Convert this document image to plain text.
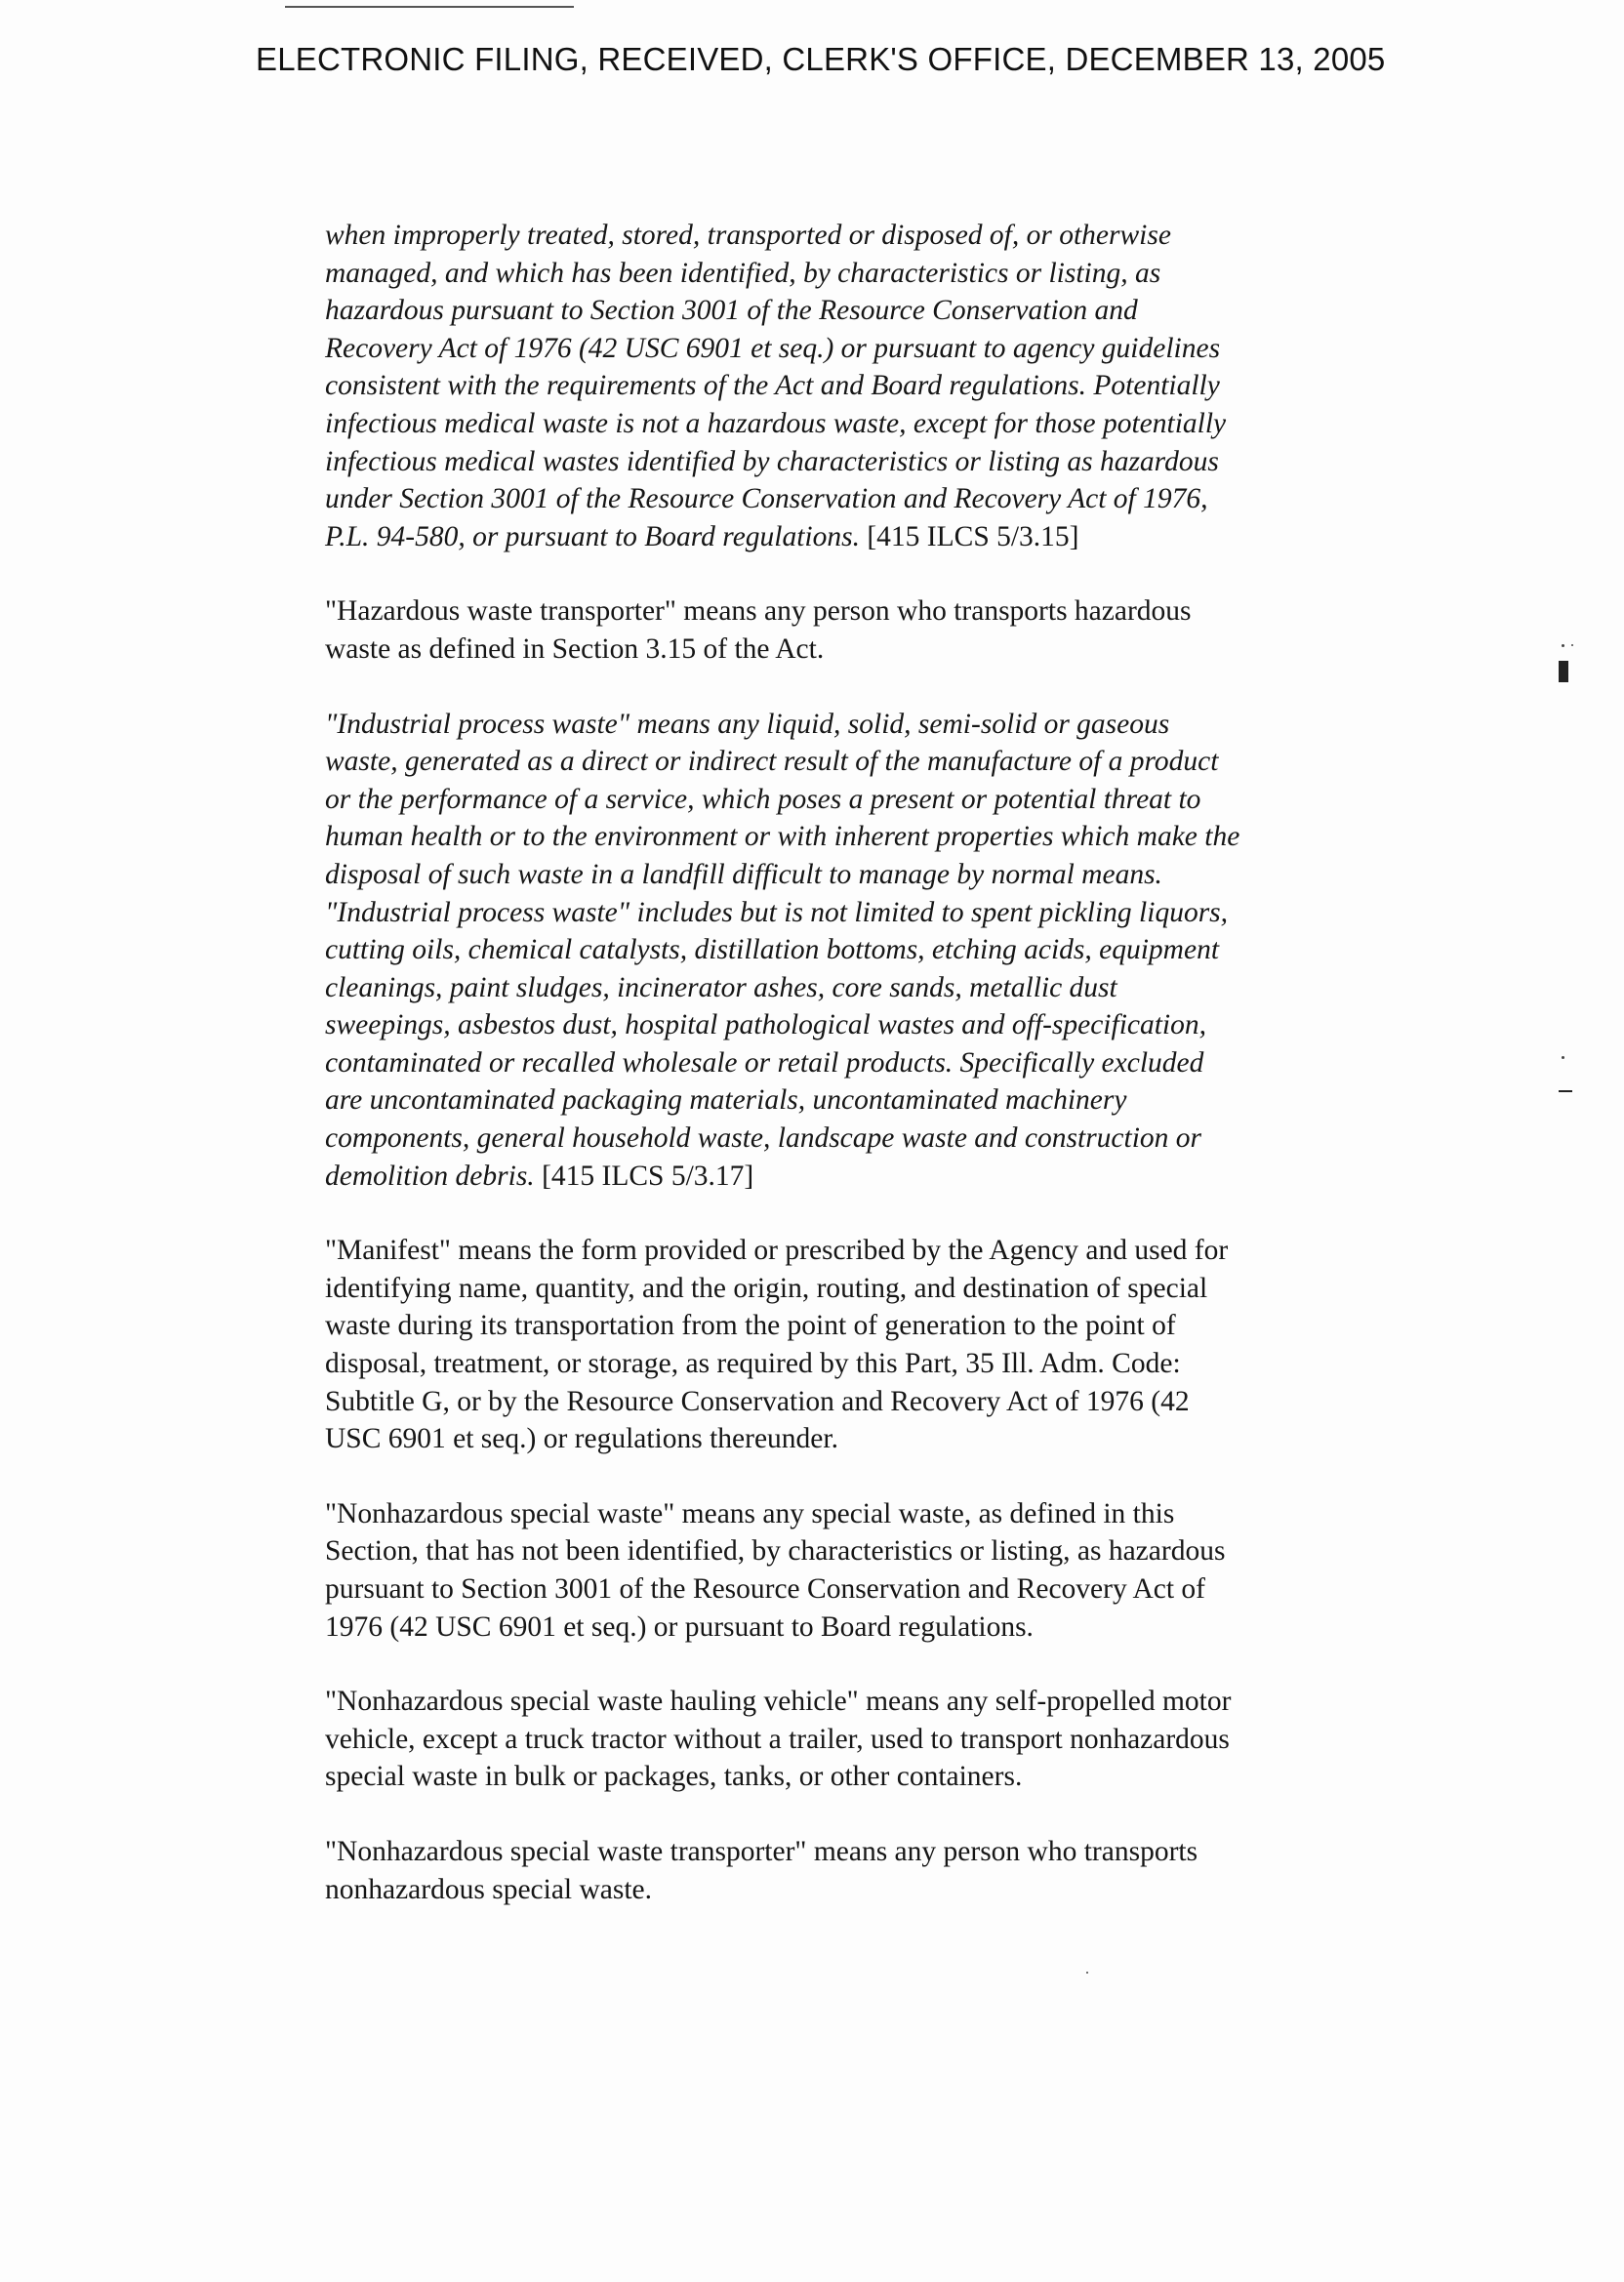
ELECTRONIC FILING, RECEIVED, CLERK'S OFFICE, DECEMBER 13, 2005
when improperly treated, stored, transported or disposed of, or otherwise
managed, and which has been identified, by characteristics or listing, as
hazardous pursuant to Section 3001 of the Resource Conservation and
Recovery Act of 1976 (42 USC 6901 et seq.) or pursuant to agency guidelines
consistent with the requirements of the Act and Board regulations. Potentially
infectious medical waste is not a hazardous waste, except for those potentially
infectious medical wastes identified by characteristics or listing as hazardous
under Section 3001 of the Resource Conservation and Recovery Act of 1976,
P.L. 94-580, or pursuant to Board regulations. [415 ILCS 5/3.15]
"Hazardous waste transporter" means any person who transports hazardous
waste as defined in Section 3.15 of the Act.
"Industrial process waste" means any liquid, solid, semi-solid or gaseous
waste, generated as a direct or indirect result of the manufacture of a product
or the performance of a service, which poses a present or potential threat to
human health or to the environment or with inherent properties which make the
disposal of such waste in a landfill difficult to manage by normal means.
"Industrial process waste" includes but is not limited to spent pickling liquors,
cutting oils, chemical catalysts, distillation bottoms, etching acids, equipment
cleanings, paint sludges, incinerator ashes, core sands, metallic dust
sweepings, asbestos dust, hospital pathological wastes and off-specification,
contaminated or recalled wholesale or retail products. Specifically excluded
are uncontaminated packaging materials, uncontaminated machinery
components, general household waste, landscape waste and construction or
demolition debris. [415 ILCS 5/3.17]
"Manifest" means the form provided or prescribed by the Agency and used for
identifying name, quantity, and the origin, routing, and destination of special
waste during its transportation from the point of generation to the point of
disposal, treatment, or storage, as required by this Part, 35 Ill. Adm. Code:
Subtitle G, or by the Resource Conservation and Recovery Act of 1976 (42
USC 6901 et seq.) or regulations thereunder.
"Nonhazardous special waste" means any special waste, as defined in this
Section, that has not been identified, by characteristics or listing, as hazardous
pursuant to Section 3001 of the Resource Conservation and Recovery Act of
1976 (42 USC 6901 et seq.) or pursuant to Board regulations.
"Nonhazardous special waste hauling vehicle" means any self-propelled motor
vehicle, except a truck tractor without a trailer, used to transport nonhazardous
special waste in bulk or packages, tanks, or other containers.
"Nonhazardous special waste transporter" means any person who transports
nonhazardous special waste.
